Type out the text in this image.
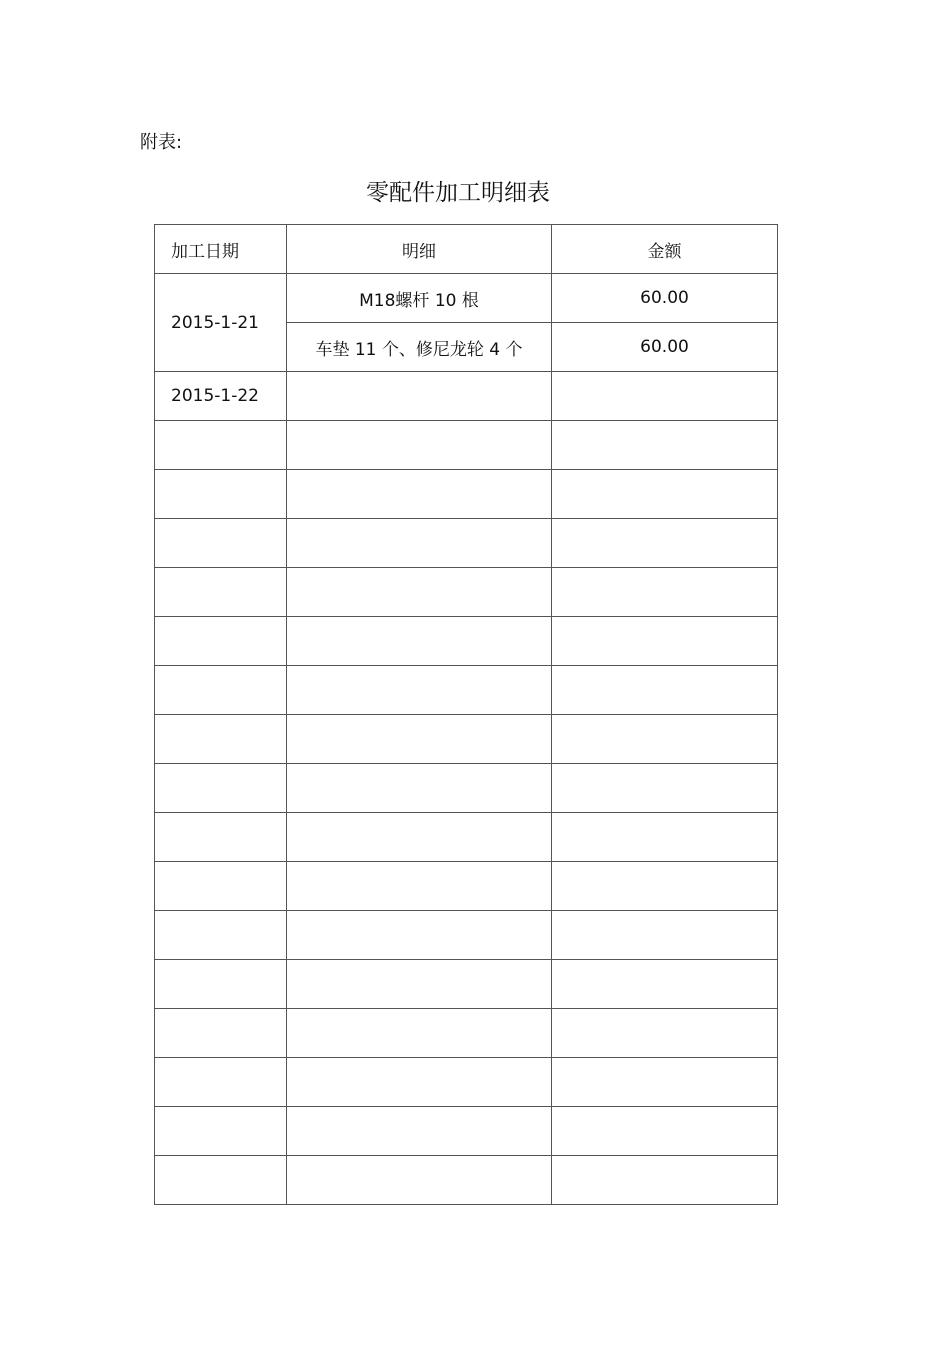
附表:
零配件加工明细表
加工日期	明细	金额
2015-1-21	M18螺杆 10 根	60.00
	车垫 11 个、修尼龙轮 4 个	60.00
2015-1-22		
